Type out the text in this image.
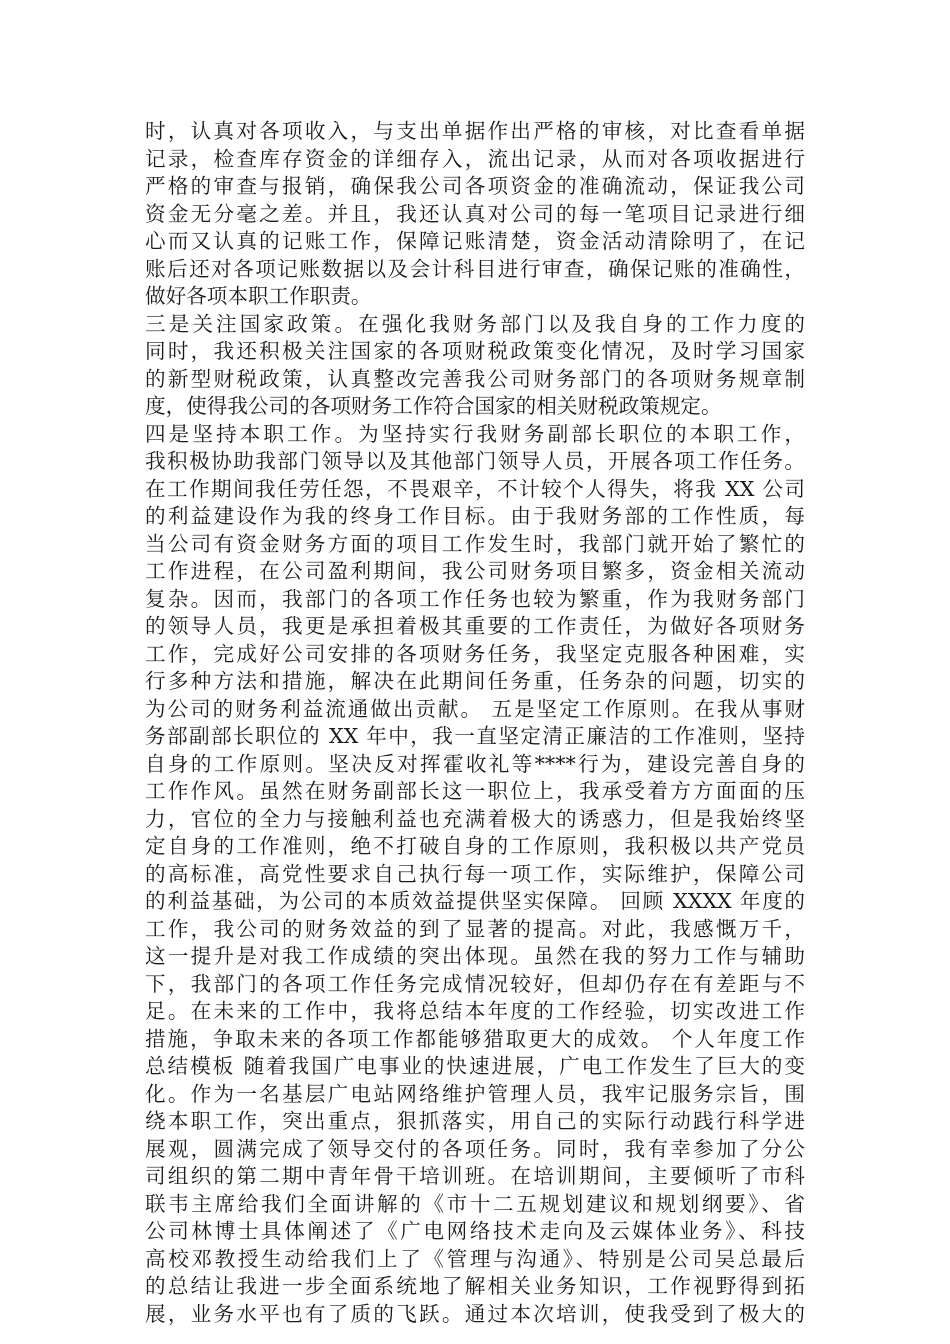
时，认真对各项收入，与支出单据作出严格的审核，对比查看单据
记录，检查库存资金的详细存入，流出记录，从而对各项收据进行
严格的审查与报销，确保我公司各项资金的准确流动，保证我公司
资金无分毫之差。并且，我还认真对公司的每一笔项目记录进行细
心而又认真的记账工作，保障记账清楚，资金活动清除明了，在记
账后还对各项记账数据以及会计科目进行审查，确保记账的准确性，
做好各项本职工作职责。
三是关注国家政策。在强化我财务部门以及我自身的工作力度的
同时，我还积极关注国家的各项财税政策变化情况，及时学习国家
的新型财税政策，认真整改完善我公司财务部门的各项财务规章制
度，使得我公司的各项财务工作符合国家的相关财税政策规定。
四是坚持本职工作。为坚持实行我财务副部长职位的本职工作，
我积极协助我部门领导以及其他部门领导人员，开展各项工作任务。
在工作期间我任劳任怨，不畏艰辛，不计较个人得失，将我 XX 公司
的利益建设作为我的终身工作目标。由于我财务部的工作性质，每
当公司有资金财务方面的项目工作发生时，我部门就开始了繁忙的
工作进程，在公司盈利期间，我公司财务项目繁多，资金相关流动
复杂。因而，我部门的各项工作任务也较为繁重，作为我财务部门
的领导人员，我更是承担着极其重要的工作责任，为做好各项财务
工作，完成好公司安排的各项财务任务，我坚定克服各种困难，实
行多种方法和措施，解决在此期间任务重，任务杂的问题，切实的
为公司的财务利益流通做出贡献。 五是坚定工作原则。在我从事财
务部副部长职位的 XX 年中，我一直坚定清正廉洁的工作准则，坚持
自身的工作原则。坚决反对挥霍收礼等****行为，建设完善自身的
工作作风。虽然在财务副部长这一职位上，我承受着方方面面的压
力，官位的全力与接触利益也充满着极大的诱惑力，但是我始终坚
定自身的工作准则，绝不打破自身的工作原则，我积极以共产党员
的高标准，高党性要求自己执行每一项工作，实际维护，保障公司
的利益基础，为公司的本质效益提供坚实保障。 回顾 XXXX 年度的
工作，我公司的财务效益的到了显著的提高。对此，我感慨万千，
这一提升是对我工作成绩的突出体现。虽然在我的努力工作与辅助
下，我部门的各项工作任务完成情况较好，但却仍存在有差距与不
足。在未来的工作中，我将总结本年度的工作经验，切实改进工作
措施，争取未来的各项工作都能够猎取更大的成效。 个人年度工作
总结模板 随着我国广电事业的快速进展，广电工作发生了巨大的变
化。作为一名基层广电站网络维护管理人员，我牢记服务宗旨，围
绕本职工作，突出重点，狠抓落实，用自己的实际行动践行科学进
展观，圆满完成了领导交付的各项任务。同时，我有幸参加了分公
司组织的第二期中青年骨干培训班。在培训期间，主要倾听了市科
联韦主席给我们全面讲解的《市十二五规划建议和规划纲要》、省
公司林博士具体阐述了《广电网络技术走向及云媒体业务》、科技
高校邓教授生动给我们上了《管理与沟通》、特别是公司吴总最后
的总结让我进一步全面系统地了解相关业务知识，工作视野得到拓
展，业务水平也有了质的飞跃。通过本次培训，使我受到了极大的
